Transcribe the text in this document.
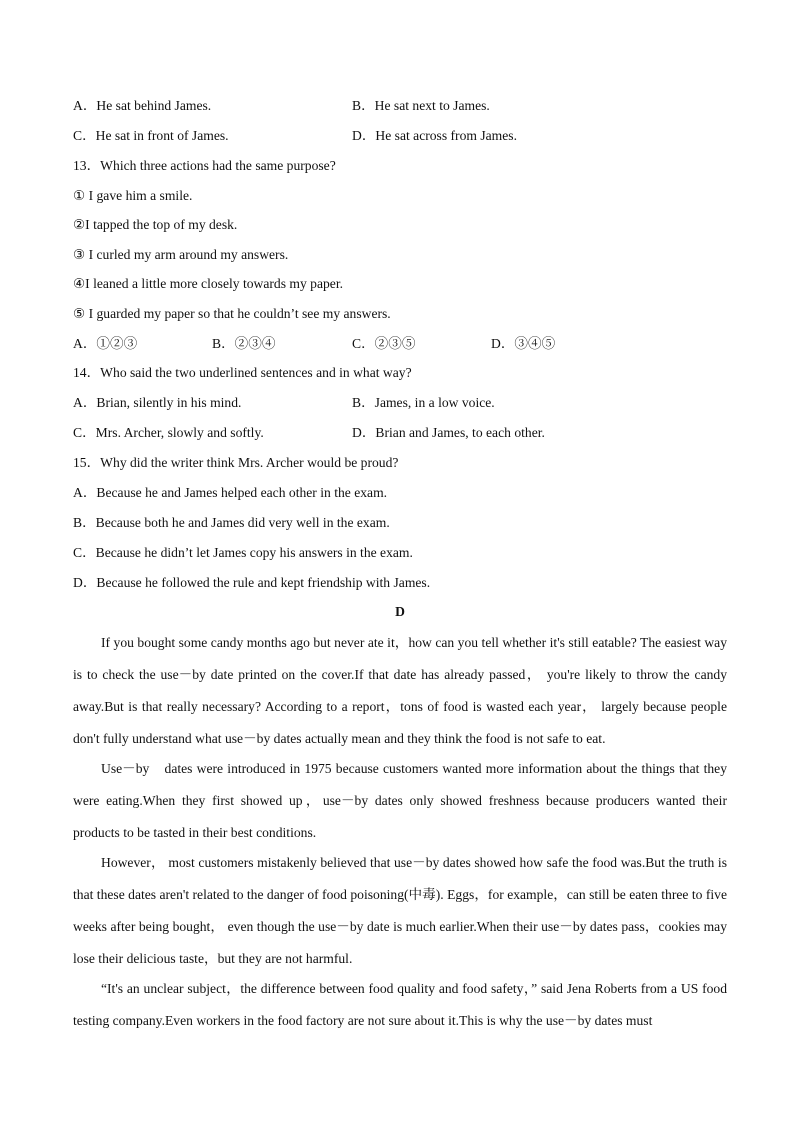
A．He sat behind James.	B．He sat next to James.
C．He sat in front of James.	D．He sat across from James.
13．Which three actions had the same purpose?
① I gave him a smile.
②I tapped the top of my desk.
③ I curled my arm around my answers.
④I leaned a little more closely towards my paper.
⑤ I guarded my paper so that he couldn’t see my answers.
A．①②③	B．②③④	C．②③⑤	D．③④⑤
14．Who said the two underlined sentences and in what way?
A．Brian, silently in his mind.	B．James, in a low voice.
C．Mrs. Archer, slowly and softly.	D．Brian and James, to each other.
15．Why did the writer think Mrs. Archer would be proud?
A．Because he and James helped each other in the exam.
B．Because both he and James did very well in the exam.
C．Because he didn’t let James copy his answers in the exam.
D．Because he followed the rule and kept friendship with James.
D
If you bought some candy months ago but never ate it，how can you tell whether it's still eatable? The easiest way is to check the use－by date printed on the cover.If that date has already passed， you're likely to throw the candy away.But is that really necessary? According to a report，tons of food is wasted each year， largely because people don't fully understand what use－by dates actually mean and they think the food is not safe to eat.
Use－by　dates were introduced in 1975 because customers wanted more information about the things that they were eating.When they first showed up，use－by dates only showed freshness because producers wanted their products to be tasted in their best conditions.
However， most customers mistakenly believed that use－by dates showed how safe the food was.But the truth is that these dates aren't related to the danger of food poisoning(中毒). Eggs，for example，can still be eaten three to five weeks after being bought， even though the use－by date is much earlier.When their use－by dates pass，cookies may lose their delicious taste，but they are not harmful.
“It's an unclear subject，the difference between food quality and food safety，” said Jena Roberts from a US food testing company.Even workers in the food factory are not sure about it.This is why the use－by dates must
